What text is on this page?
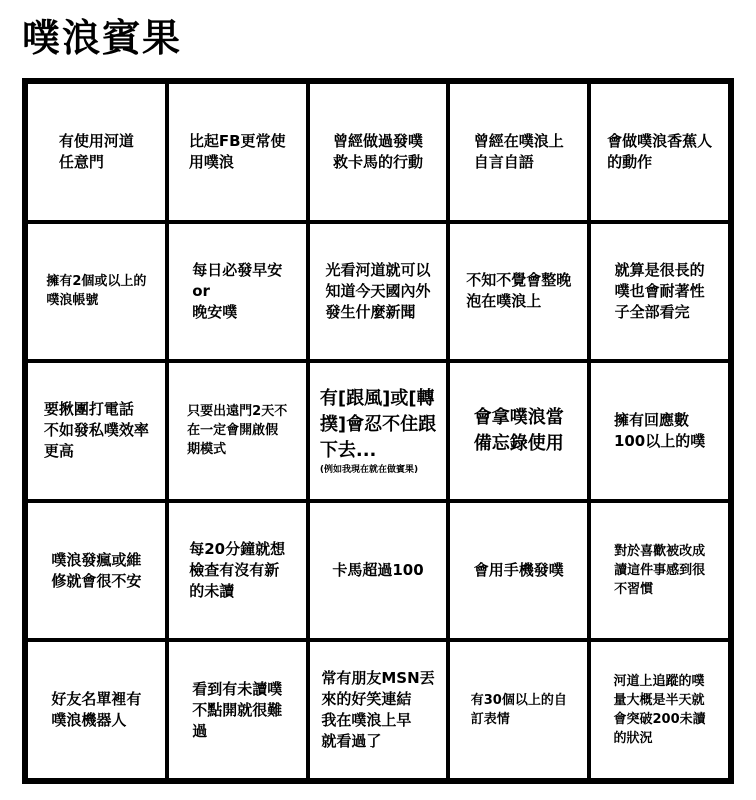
噗浪賓果
有使用河道
任意門
比起FB更常使
用噗浪
曾經做過發噗
救卡馬的行動
曾經在噗浪上
自言自語
會做噗浪香蕉人
的動作
擁有2個或以上的
噗浪帳號
每日必發早安
or
晚安噗
光看河道就可以
知道今天國內外
發生什麼新聞
不知不覺會整晚
泡在噗浪上
就算是很長的
噗也會耐著性
子全部看完
要揪團打電話
不如發私噗效率
更高
只要出遠門2天不
在一定會開啟假
期模式
有[跟風]或[轉
撲]會忍不住跟
下去...
(例如我現在就在做賓果)
會拿噗浪當
備忘錄使用
擁有回應數
100以上的噗
噗浪發瘋或維
修就會很不安
每20分鐘就想
檢查有沒有新
的未讀
卡馬超過100	會用手機發噗
對於喜歡被改成
讀這件事感到很
不習慣
好友名單裡有
噗浪機器人
看到有未讀噗
不點開就很難
過
常有朋友MSN丟
來的好笑連結
我在噗浪上早
就看過了
有30個以上的自
訂表情
河道上追蹤的噗
量大概是半天就
會突破200未讀
的狀況
